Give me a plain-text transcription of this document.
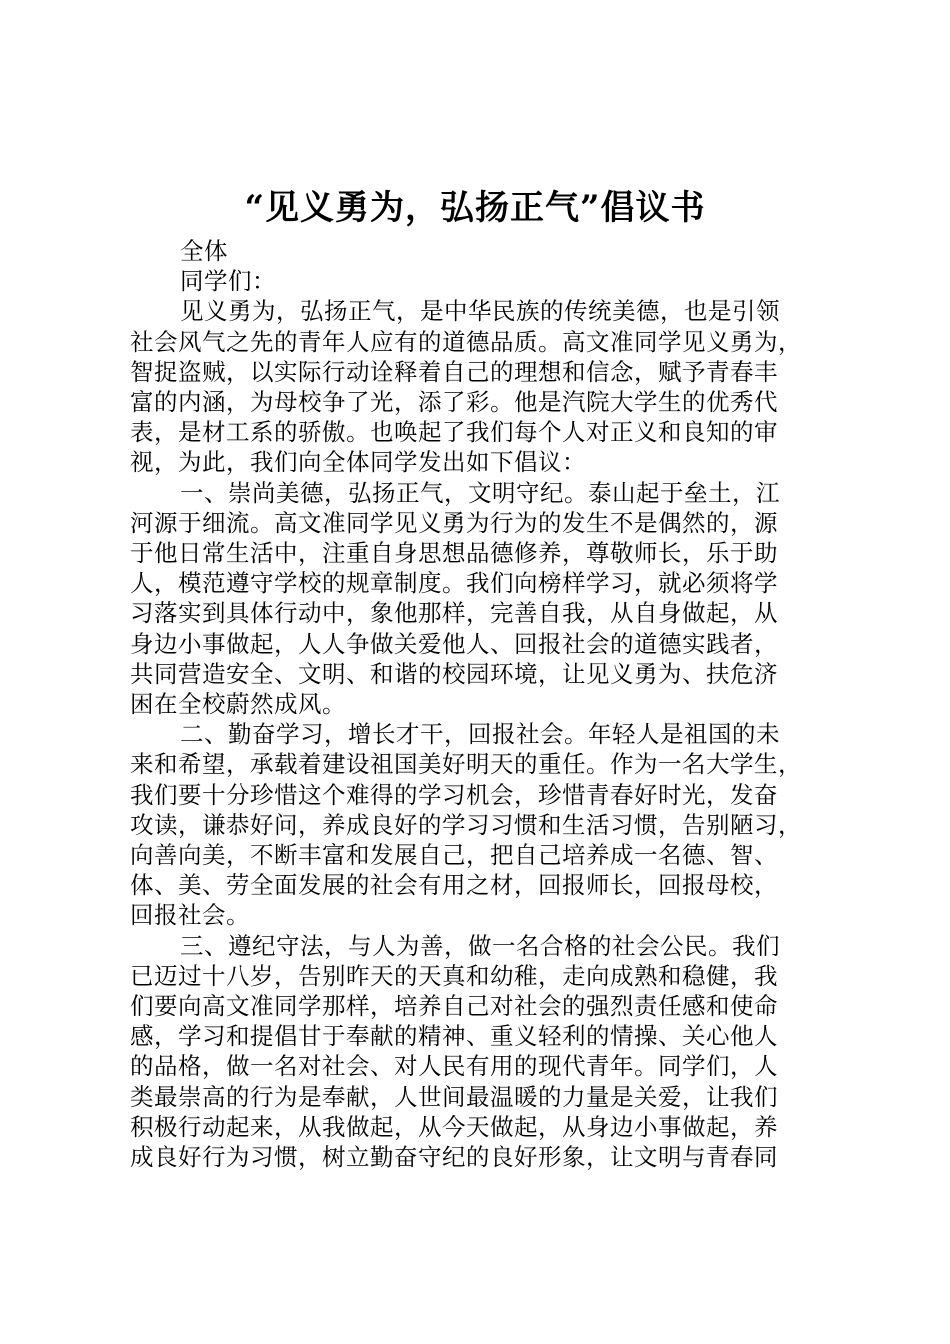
“见义勇为，弘扬正气”倡议书
全体
同学们：
见义勇为，弘扬正气，是中华民族的传统美德，也是引领
社会风气之先的青年人应有的道德品质。高文准同学见义勇为，
智捉盗贼，以实际行动诠释着自己的理想和信念，赋予青春丰
富的内涵，为母校争了光，添了彩。他是汽院大学生的优秀代
表，是材工系的骄傲。也唤起了我们每个人对正义和良知的审
视，为此，我们向全体同学发出如下倡议：
一、崇尚美德，弘扬正气，文明守纪。泰山起于垒土，江
河源于细流。高文准同学见义勇为行为的发生不是偶然的，源
于他日常生活中，注重自身思想品德修养，尊敬师长，乐于助
人，模范遵守学校的规章制度。我们向榜样学习，就必须将学
习落实到具体行动中，象他那样，完善自我，从自身做起，从
身边小事做起，人人争做关爱他人、回报社会的道德实践者，
共同营造安全、文明、和谐的校园环境，让见义勇为、扶危济
困在全校蔚然成风。
二、勤奋学习，增长才干，回报社会。年轻人是祖国的未
来和希望，承载着建设祖国美好明天的重任。作为一名大学生，
我们要十分珍惜这个难得的学习机会，珍惜青春好时光，发奋
攻读，谦恭好问，养成良好的学习习惯和生活习惯，告别陋习，
向善向美，不断丰富和发展自己，把自己培养成一名德、智、
体、美、劳全面发展的社会有用之材，回报师长，回报母校，
回报社会。
三、遵纪守法，与人为善，做一名合格的社会公民。我们
已迈过十八岁，告别昨天的天真和幼稚，走向成熟和稳健，我
们要向高文准同学那样，培养自己对社会的强烈责任感和使命
感，学习和提倡甘于奉献的精神、重义轻利的情操、关心他人
的品格，做一名对社会、对人民有用的现代青年。同学们，人
类最崇高的行为是奉献，人世间最温暖的力量是关爱，让我们
积极行动起来，从我做起，从今天做起，从身边小事做起，养
成良好行为习惯，树立勤奋守纪的良好形象，让文明与青春同
